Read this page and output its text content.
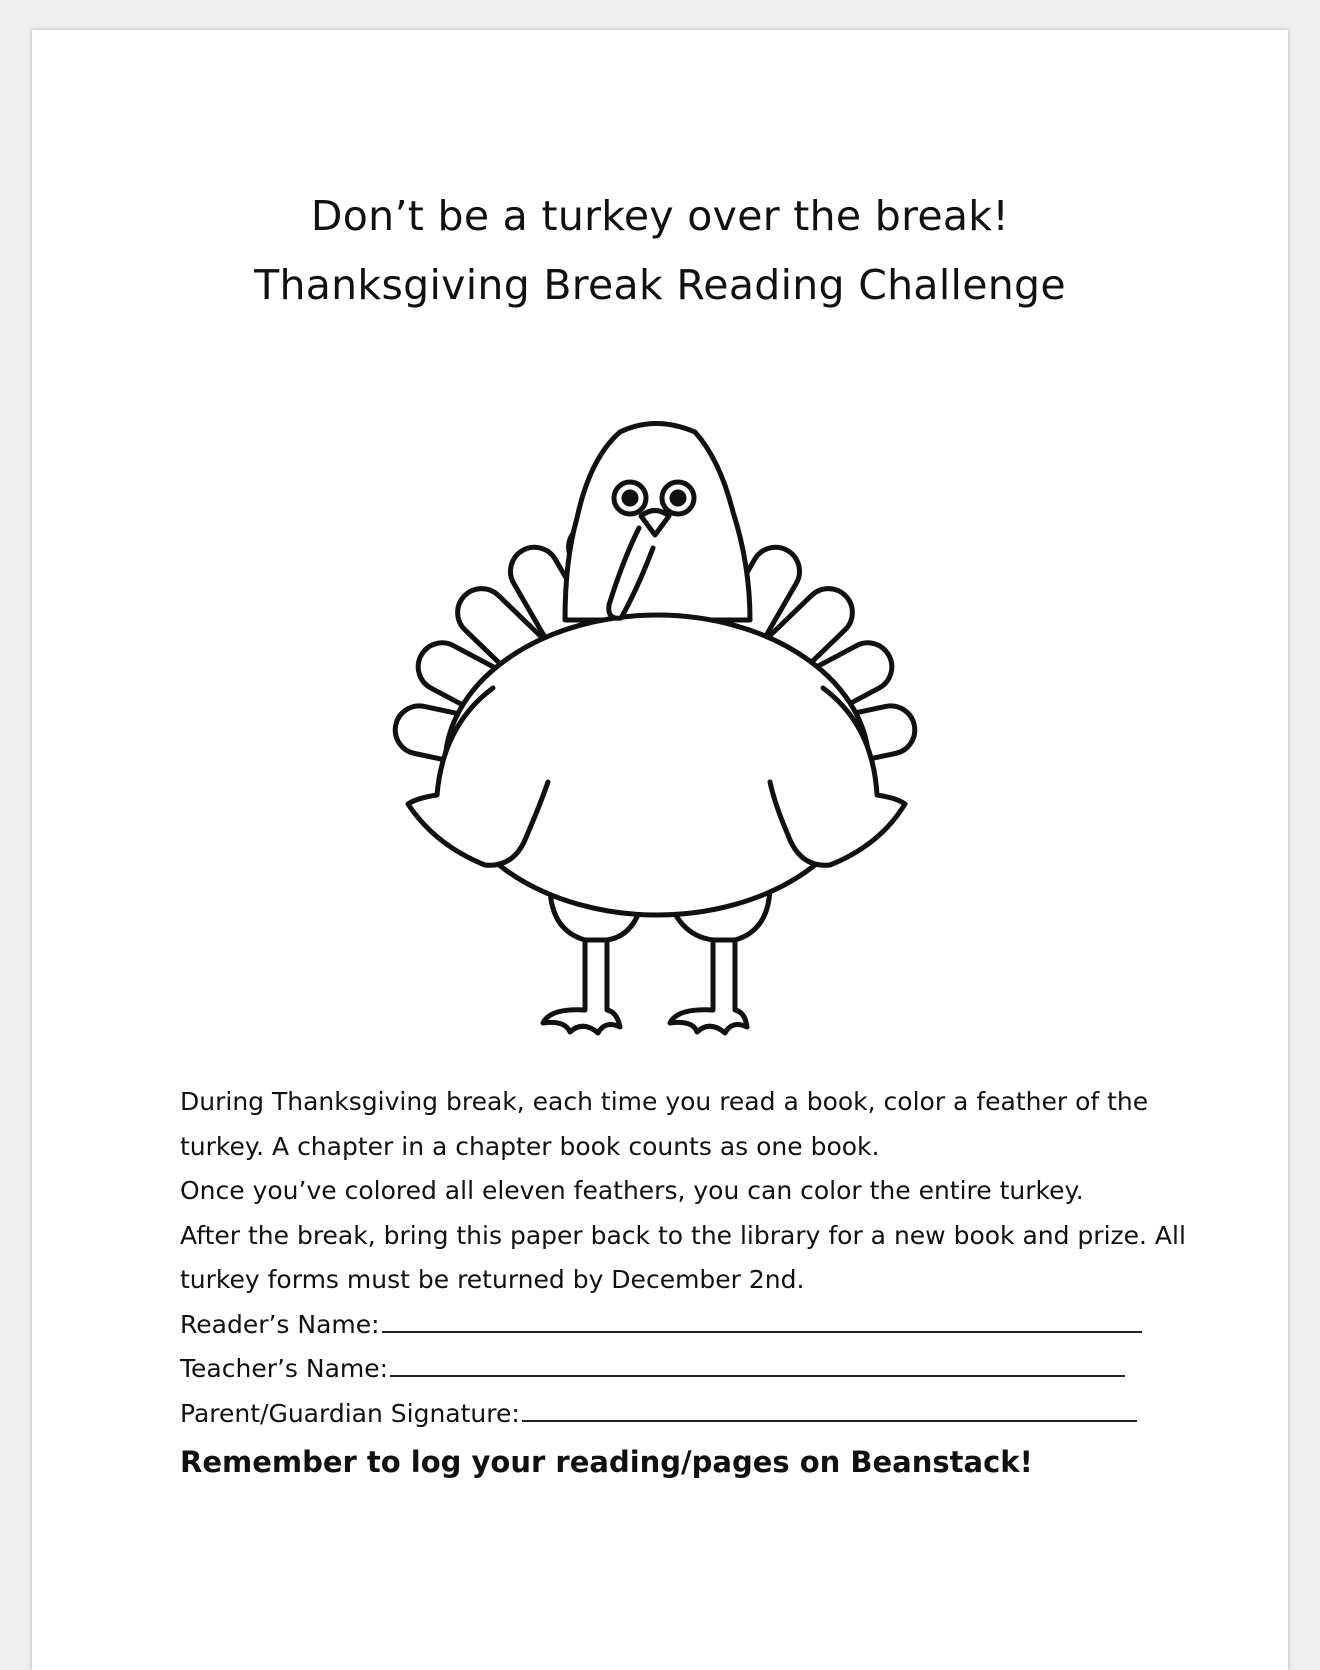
Don’t be a turkey over the break!
Thanksgiving Break Reading Challenge
During Thanksgiving break, each time you read a book, color a feather of the
turkey. A chapter in a chapter book counts as one book.
Once you’ve colored all eleven feathers, you can color the entire turkey.
After the break, bring this paper back to the library for a new book and prize. All
turkey forms must be returned by December 2nd.
Reader’s Name:
Teacher’s Name:
Parent/Guardian Signature:
Remember to log your reading/pages on Beanstack!
